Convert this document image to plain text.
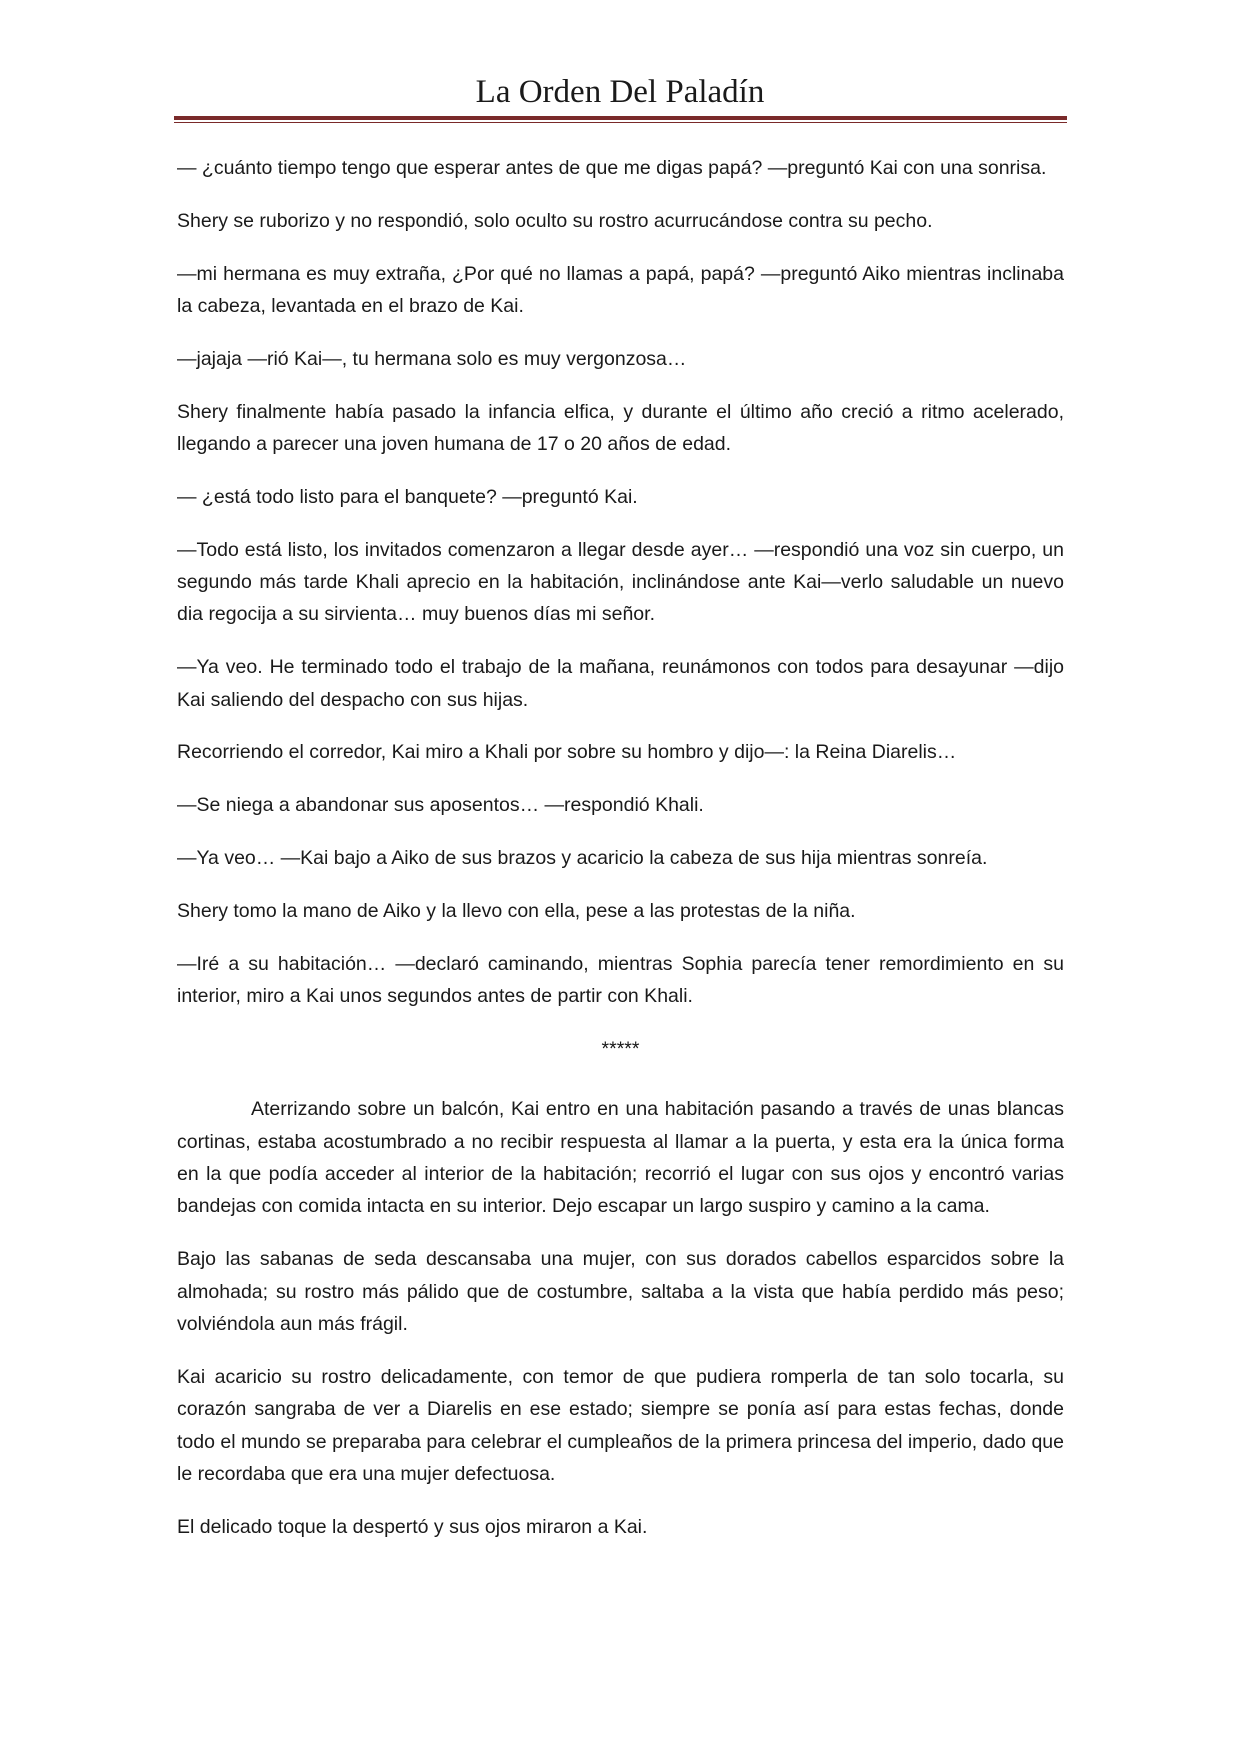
La Orden Del Paladín

— ¿cuánto tiempo tengo que esperar antes de que me digas papá? —preguntó Kai con una sonrisa.

Shery se ruborizo y no respondió, solo oculto su rostro acurrucándose contra su pecho.

—mi hermana es muy extraña, ¿Por qué no llamas a papá, papá? —preguntó Aiko mientras inclinaba la cabeza, levantada en el brazo de Kai.

—jajaja —rió Kai—, tu hermana solo es muy vergonzosa…

Shery finalmente había pasado la infancia elfica, y durante el último año creció a ritmo acelerado, llegando a parecer una joven humana de 17 o 20 años de edad.

— ¿está todo listo para el banquete? —preguntó Kai.

—Todo está listo, los invitados comenzaron a llegar desde ayer… —respondió una voz sin cuerpo, un segundo más tarde Khali aprecio en la habitación, inclinándose ante Kai—verlo saludable un nuevo dia regocija a su sirvienta… muy buenos días mi señor.

—Ya veo. He terminado todo el trabajo de la mañana, reunámonos con todos para desayunar —dijo Kai saliendo del despacho con sus hijas.

Recorriendo el corredor, Kai miro a Khali por sobre su hombro y dijo—: la Reina Diarelis…

—Se niega a abandonar sus aposentos… —respondió Khali.

—Ya veo… —Kai bajo a Aiko de sus brazos y acaricio la cabeza de sus hija mientras sonreía.

Shery tomo la mano de Aiko y la llevo con ella, pese a las protestas de la niña.

—Iré a su habitación… —declaró caminando, mientras Sophia parecía tener remordimiento en su interior, miro a Kai unos segundos antes de partir con Khali.

*****

Aterrizando sobre un balcón, Kai entro en una habitación pasando a través de unas blancas cortinas, estaba acostumbrado a no recibir respuesta al llamar a la puerta, y esta era la única forma en la que podía acceder al interior de la habitación; recorrió el lugar con sus ojos y encontró varias bandejas con comida intacta en su interior. Dejo escapar un largo suspiro y camino a la cama.

Bajo las sabanas de seda descansaba una mujer, con sus dorados cabellos esparcidos sobre la almohada; su rostro más pálido que de costumbre, saltaba a la vista que había perdido más peso; volviéndola aun más frágil.

Kai acaricio su rostro delicadamente, con temor de que pudiera romperla de tan solo tocarla, su corazón sangraba de ver a Diarelis en ese estado; siempre se ponía así para estas fechas, donde todo el mundo se preparaba para celebrar el cumpleaños de la primera princesa del imperio, dado que le recordaba que era una mujer defectuosa.

El delicado toque la despertó y sus ojos miraron a Kai.
